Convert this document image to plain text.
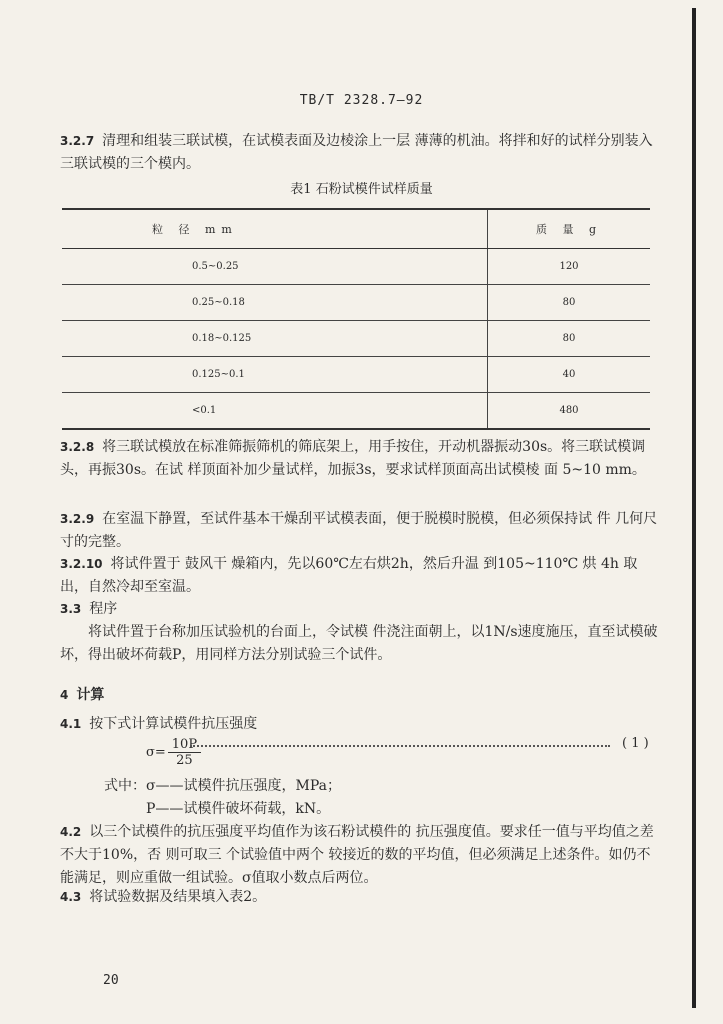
TB/T 2328.7—92
3.2.7 清理和组装三联试模，在试模表面及边棱涂上一层 薄薄的机油。将拌和好的试样分别装入三联试模的三个模内。
表1 石粉试模件试样质量
粒 径 mm	质 量 g
0.5~0.25	120
0.25~0.18	80
0.18~0.125	80
0.125~0.1	40
<0.1	480
3.2.8 将三联试模放在标准筛振筛机的筛底架上，用手按住，开动机器振动30s。将三联试模调头，再振30s。在试 样顶面补加少量试样，加振3s，要求试样顶面高出试模棱 面 5~10 mm。
3.2.9 在室温下静置，至试件基本干燥刮平试模表面，便于脱模时脱模，但必须保持试 件 几何尺寸的完整。
3.2.10 将试件置于 鼓风干 燥箱内，先以60℃左右烘2h，然后升温 到105~110℃ 烘 4h 取出，自然冷却至室温。
3.3 程序
将试件置于台称加压试验机的台面上，令试模 件浇注面朝上，以1N/s速度施压，直至试模破坏，得出破坏荷载P，用同样方法分别试验三个试件。
4 计算
4.1 按下式计算试模件抗压强度
$\sigma= \frac{10P}{25}$	( 1 )
式中：σ——试模件抗压强度，MPa；
P——试模件破坏荷载，kN。
4.2 以三个试模件的抗压强度平均值作为该石粉试模件的 抗压强度值。要求任一值与平均值之差不大于10%，否 则可取三 个试验值中两个 较接近的数的平均值，但必须满足上述条件。如仍不能满足，则应重做一组试验。σ值取小数点后两位。
4.3 将试验数据及结果填入表2。
20
